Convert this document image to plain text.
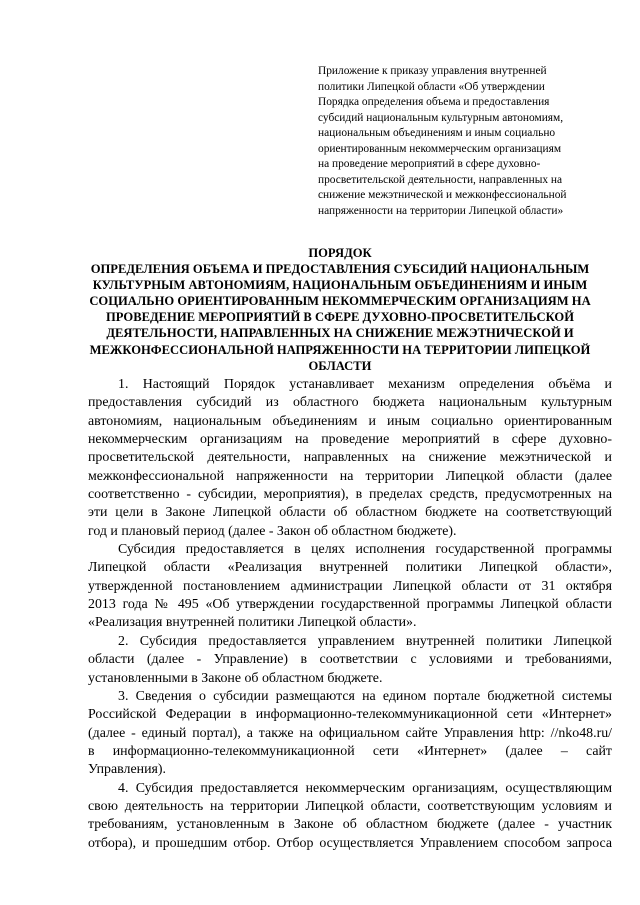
Приложение к приказу управления внутренней
политики Липецкой области «Об утверждении
Порядка определения объема и предоставления
субсидий национальным культурным автономиям,
национальным объединениям и иным социально
ориентированным некоммерческим организациям
на проведение мероприятий в сфере духовно-
просветительской деятельности, направленных на
снижение межэтнической и межконфессиональной
напряженности на территории Липецкой области»
ПОРЯДОК
ОПРЕДЕЛЕНИЯ ОБЪЕМА И ПРЕДОСТАВЛЕНИЯ СУБСИДИЙ НАЦИОНАЛЬНЫМ
КУЛЬТУРНЫМ АВТОНОМИЯМ, НАЦИОНАЛЬНЫМ ОБЪЕДИНЕНИЯМ И ИНЫМ
СОЦИАЛЬНО ОРИЕНТИРОВАННЫМ НЕКОММЕРЧЕСКИМ ОРГАНИЗАЦИЯМ НА
ПРОВЕДЕНИЕ МЕРОПРИЯТИЙ В СФЕРЕ ДУХОВНО-ПРОСВЕТИТЕЛЬСКОЙ
ДЕЯТЕЛЬНОСТИ, НАПРАВЛЕННЫХ НА СНИЖЕНИЕ МЕЖЭТНИЧЕСКОЙ И
МЕЖКОНФЕССИОНАЛЬНОЙ НАПРЯЖЕННОСТИ НА ТЕРРИТОРИИ ЛИПЕЦКОЙ
ОБЛАСТИ
1. Настоящий Порядок устанавливает механизм определения объёма и
предоставления субсидий из областного бюджета национальным культурным
автономиям, национальным объединениям и иным социально ориентированным
некоммерческим организациям на проведение мероприятий в сфере духовно-
просветительской деятельности, направленных на снижение межэтнической и
межконфессиональной напряженности на территории Липецкой области (далее
соответственно - субсидии, мероприятия), в пределах средств, предусмотренных на
эти цели в Законе Липецкой области об областном бюджете на соответствующий
год и плановый период (далее - Закон об областном бюджете).
Субсидия предоставляется в целях исполнения государственной программы
Липецкой области «Реализация внутренней политики Липецкой области»,
утвержденной постановлением администрации Липецкой области от 31 октября
2013 года № 495 «Об утверждении государственной программы Липецкой области
«Реализация внутренней политики Липецкой области».
2. Субсидия предоставляется управлением внутренней политики Липецкой
области (далее - Управление) в соответствии с условиями и требованиями,
установленными в Законе об областном бюджете.
3. Сведения о субсидии размещаются на едином портале бюджетной системы
Российской Федерации в информационно-телекоммуникационной сети «Интернет»
(далее - единый портал), а также на официальном сайте Управления http: //nko48.ru/
в информационно-телекоммуникационной сети «Интернет» (далее – сайт
Управления).
4. Субсидия предоставляется некоммерческим организациям, осуществляющим
свою деятельность на территории Липецкой области, соответствующим условиям и
требованиям, установленным в Законе об областном бюджете (далее - участник
отбора), и прошедшим отбор. Отбор осуществляется Управлением способом запроса
